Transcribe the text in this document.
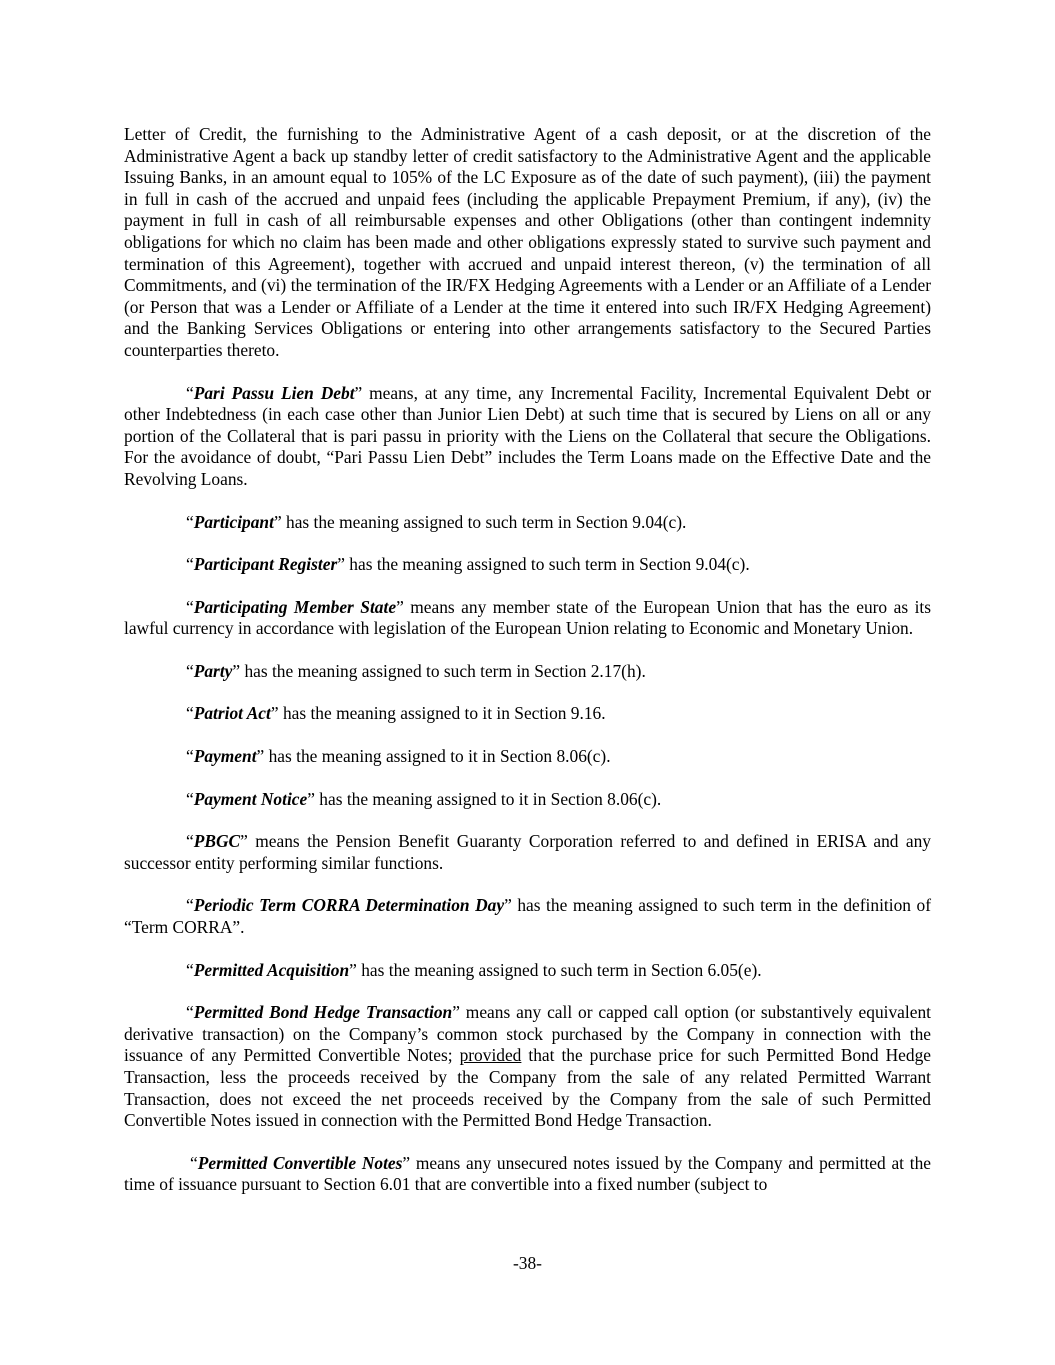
Letter of Credit, the furnishing to the Administrative Agent of a cash deposit, or at the discretion of the Administrative Agent a back up standby letter of credit satisfactory to the Administrative Agent and the applicable Issuing Banks, in an amount equal to 105% of the LC Exposure as of the date of such payment), (iii) the payment in full in cash of the accrued and unpaid fees (including the applicable Prepayment Premium, if any), (iv) the payment in full in cash of all reimbursable expenses and other Obligations (other than contingent indemnity obligations for which no claim has been made and other obligations expressly stated to survive such payment and termination of this Agreement), together with accrued and unpaid interest thereon, (v) the termination of all Commitments, and (vi) the termination of the IR/FX Hedging Agreements with a Lender or an Affiliate of a Lender (or Person that was a Lender or Affiliate of a Lender at the time it entered into such IR/FX Hedging Agreement) and the Banking Services Obligations or entering into other arrangements satisfactory to the Secured Parties counterparties thereto.

“Pari Passu Lien Debt” means, at any time, any Incremental Facility, Incremental Equivalent Debt or other Indebtedness (in each case other than Junior Lien Debt) at such time that is secured by Liens on all or any portion of the Collateral that is pari passu in priority with the Liens on the Collateral that secure the Obligations. For the avoidance of doubt, “Pari Passu Lien Debt” includes the Term Loans made on the Effective Date and the Revolving Loans.

“Participant” has the meaning assigned to such term in Section 9.04(c).

“Participant Register” has the meaning assigned to such term in Section 9.04(c).

“Participating Member State” means any member state of the European Union that has the euro as its lawful currency in accordance with legislation of the European Union relating to Economic and Monetary Union.

“Party” has the meaning assigned to such term in Section 2.17(h).

“Patriot Act” has the meaning assigned to it in Section 9.16.

“Payment” has the meaning assigned to it in Section 8.06(c).

“Payment Notice” has the meaning assigned to it in Section 8.06(c).

“PBGC” means the Pension Benefit Guaranty Corporation referred to and defined in ERISA and any successor entity performing similar functions.

“Periodic Term CORRA Determination Day” has the meaning assigned to such term in the definition of “Term CORRA”.

“Permitted Acquisition” has the meaning assigned to such term in Section 6.05(e).

“Permitted Bond Hedge Transaction” means any call or capped call option (or substantively equivalent derivative transaction) on the Company’s common stock purchased by the Company in connection with the issuance of any Permitted Convertible Notes; provided that the purchase price for such Permitted Bond Hedge Transaction, less the proceeds received by the Company from the sale of any related Permitted Warrant Transaction, does not exceed the net proceeds received by the Company from the sale of such Permitted Convertible Notes issued in connection with the Permitted Bond Hedge Transaction.

“Permitted Convertible Notes” means any unsecured notes issued by the Company and permitted at the time of issuance pursuant to Section 6.01 that are convertible into a fixed number (subject to

-38-
